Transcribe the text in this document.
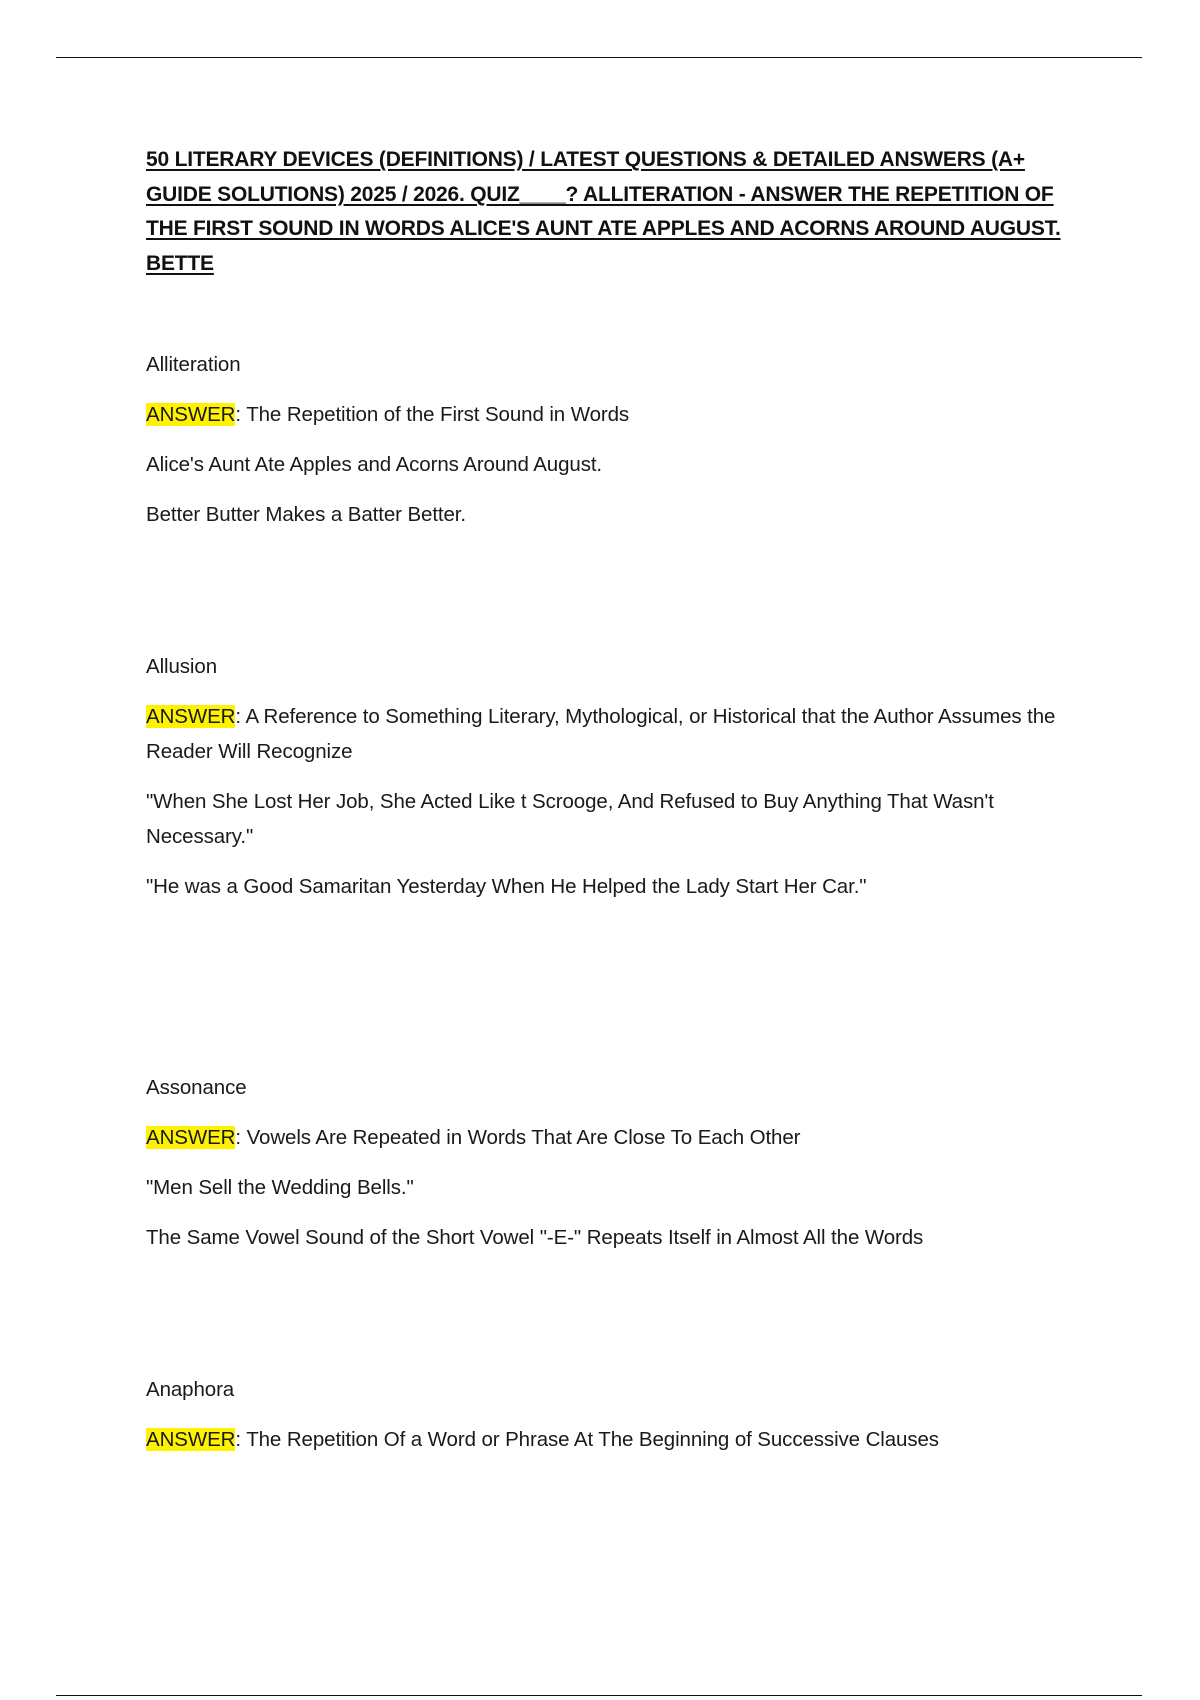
50 LITERARY DEVICES (DEFINITIONS) / LATEST QUESTIONS & DETAILED ANSWERS (A+ GUIDE SOLUTIONS) 2025 / 2026. QUIZ____? ALLITERATION - ANSWER THE REPETITION OF THE FIRST SOUND IN WORDS ALICE'S AUNT ATE APPLES AND ACORNS AROUND AUGUST. BETTE

Alliteration

ANSWER: The Repetition of the First Sound in Words

Alice's Aunt Ate Apples and Acorns Around August.

Better Butter Makes a Batter Better.

Allusion

ANSWER: A Reference to Something Literary, Mythological, or Historical that the Author Assumes the Reader Will Recognize

"When She Lost Her Job, She Acted Like t Scrooge, And Refused to Buy Anything That Wasn't Necessary."

"He was a Good Samaritan Yesterday When He Helped the Lady Start Her Car."

Assonance

ANSWER: Vowels Are Repeated in Words That Are Close To Each Other

"Men Sell the Wedding Bells."

The Same Vowel Sound of the Short Vowel "-E-" Repeats Itself in Almost All the Words

Anaphora

ANSWER: The Repetition Of a Word or Phrase At The Beginning of Successive Clauses
